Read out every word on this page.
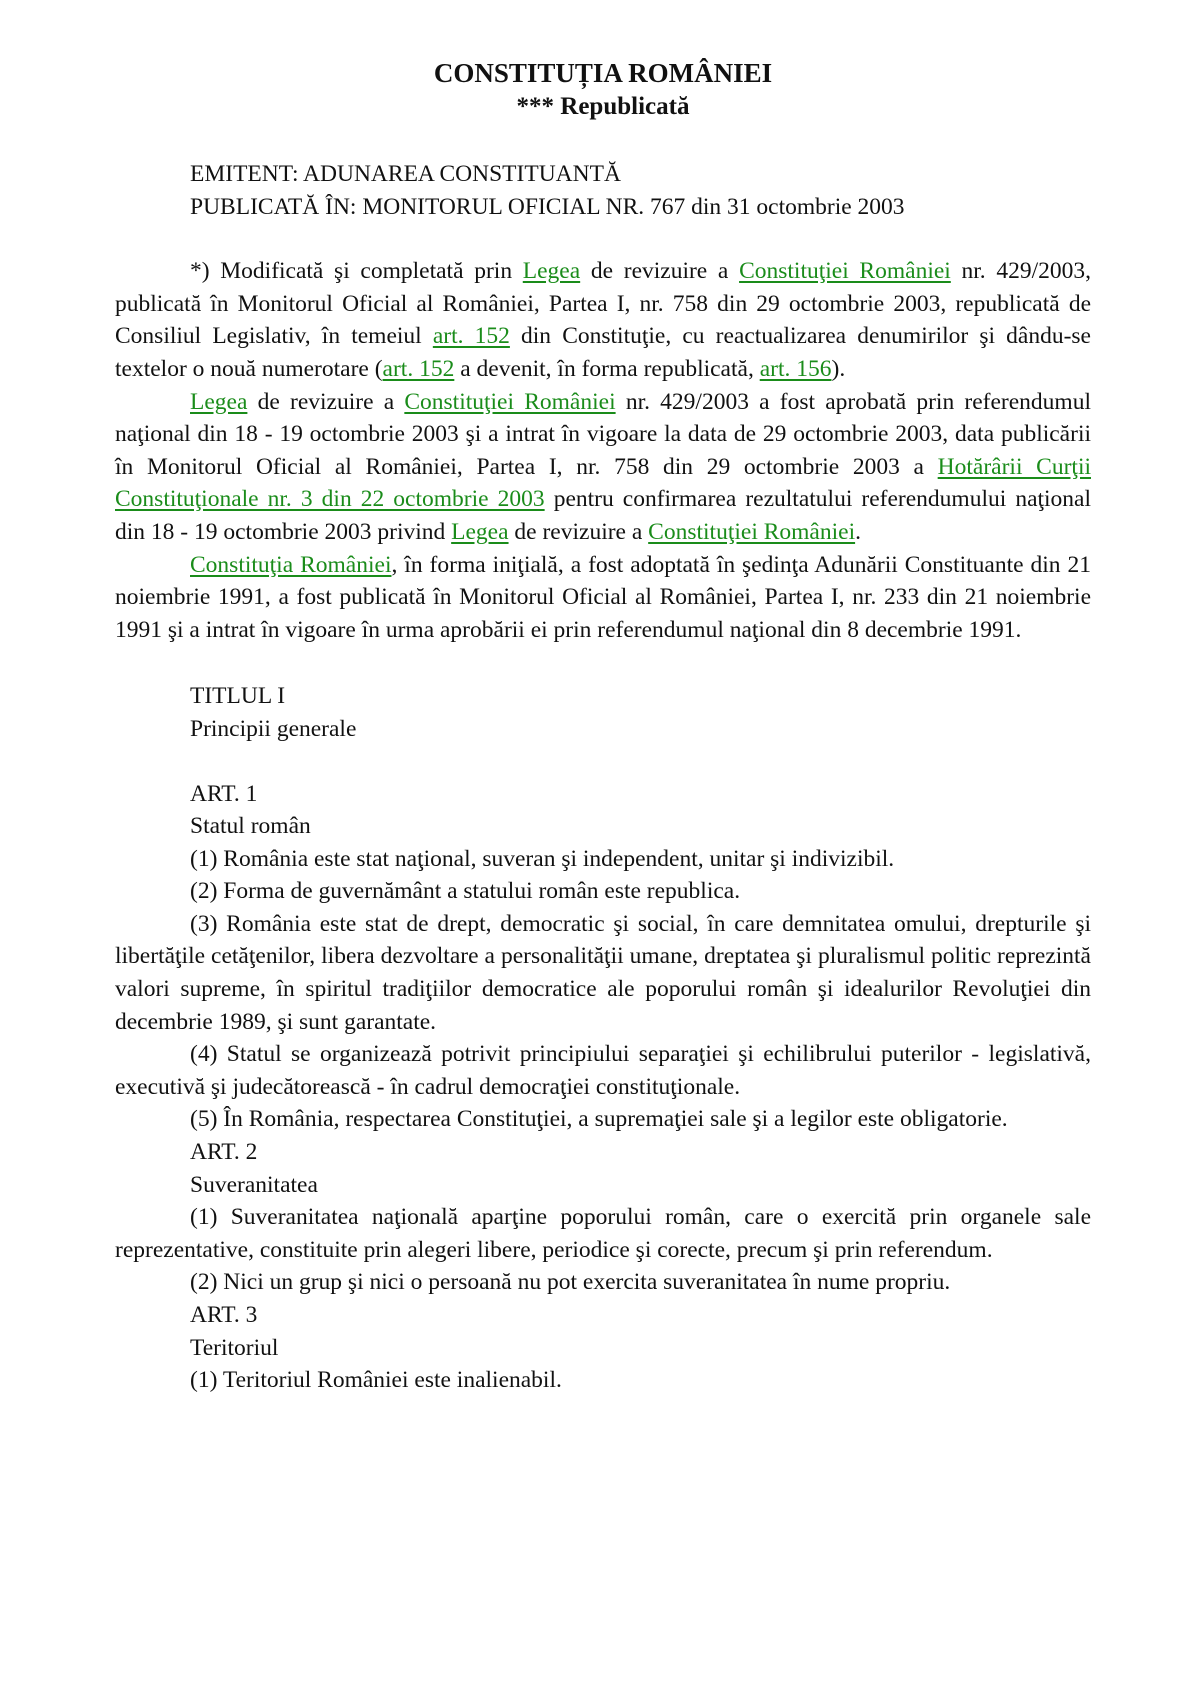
CONSTITUȚIA ROMÂNIEI
*** Republicată
EMITENT: ADUNAREA CONSTITUANTĂ
PUBLICATĂ ÎN: MONITORUL OFICIAL NR. 767 din 31 octombrie 2003

*) Modificată şi completată prin Legea de revizuire a Constituţiei României nr. 429/2003, publicată în Monitorul Oficial al României, Partea I, nr. 758 din 29 octombrie 2003, republicată de Consiliul Legislativ, în temeiul art. 152 din Constituţie, cu reactualizarea denumirilor şi dându-se textelor o nouă numerotare (art. 152 a devenit, în forma republicată, art. 156).

Legea de revizuire a Constituţiei României nr. 429/2003 a fost aprobată prin referendumul naţional din 18 - 19 octombrie 2003 şi a intrat în vigoare la data de 29 octombrie 2003, data publicării în Monitorul Oficial al României, Partea I, nr. 758 din 29 octombrie 2003 a Hotărârii Curţii Constituţionale nr. 3 din 22 octombrie 2003 pentru confirmarea rezultatului referendumului naţional din 18 - 19 octombrie 2003 privind Legea de revizuire a Constituţiei României.

Constituţia României, în forma iniţială, a fost adoptată în şedinţa Adunării Constituante din 21 noiembrie 1991, a fost publicată în Monitorul Oficial al României, Partea I, nr. 233 din 21 noiembrie 1991 şi a intrat în vigoare în urma aprobării ei prin referendumul naţional din 8 decembrie 1991.

TITLUL I

Principii generale

ART. 1

Statul român

(1) România este stat naţional, suveran şi independent, unitar şi indivizibil.

(2) Forma de guvernământ a statului român este republica.

(3) România este stat de drept, democratic şi social, în care demnitatea omului, drepturile şi libertăţile cetăţenilor, libera dezvoltare a personalităţii umane, dreptatea şi pluralismul politic reprezintă valori supreme, în spiritul tradiţiilor democratice ale poporului român şi idealurilor Revoluţiei din decembrie 1989, şi sunt garantate.

(4) Statul se organizează potrivit principiului separaţiei şi echilibrului puterilor - legislativă, executivă şi judecătorească - în cadrul democraţiei constituţionale.

(5) În România, respectarea Constituţiei, a supremaţiei sale şi a legilor este obligatorie.

ART. 2

Suveranitatea

(1) Suveranitatea naţională aparţine poporului român, care o exercită prin organele sale reprezentative, constituite prin alegeri libere, periodice şi corecte, precum şi prin referendum.

(2) Nici un grup şi nici o persoană nu pot exercita suveranitatea în nume propriu.

ART. 3

Teritoriul

(1) Teritoriul României este inalienabil.
